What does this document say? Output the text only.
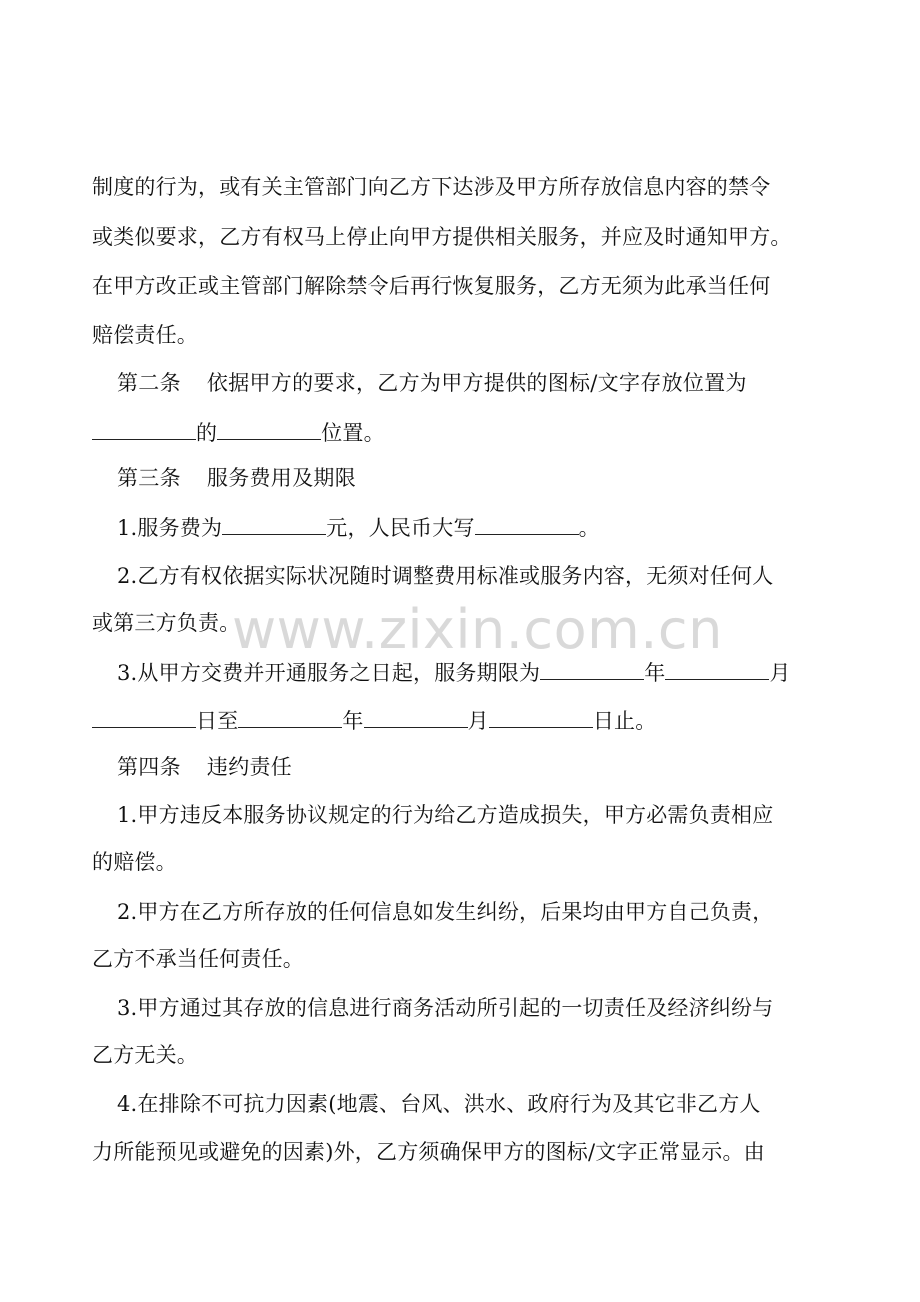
制度的行为，或有关主管部门向乙方下达涉及甲方所存放信息内容的禁令
或类似要求，乙方有权马上停止向甲方提供相关服务，并应及时通知甲方。
在甲方改正或主管部门解除禁令后再行恢复服务，乙方无须为此承当任何
赔偿责任。
第二条 依据甲方的要求，乙方为甲方提供的图标/文字存放位置为
的	位置。
第三条 服务费用及期限
1.服务费为	元，人民币大写	。
2.乙方有权依据实际状况随时调整费用标准或服务内容，无须对任何人
或第三方负责。
3.从甲方交费并开通服务之日起，服务期限为	年	月
日至	年	月	日止。
第四条 违约责任
1.甲方违反本服务协议规定的行为给乙方造成损失，甲方必需负责相应
的赔偿。
2.甲方在乙方所存放的任何信息如发生纠纷，后果均由甲方自己负责，
乙方不承当任何责任。
3.甲方通过其存放的信息进行商务活动所引起的一切责任及经济纠纷与
乙方无关。
4.在排除不可抗力因素(地震、台风、洪水、政府行为及其它非乙方人
力所能预见或避免的因素)外，乙方须确保甲方的图标/文字正常显示。由
www.zixin.com.cn
